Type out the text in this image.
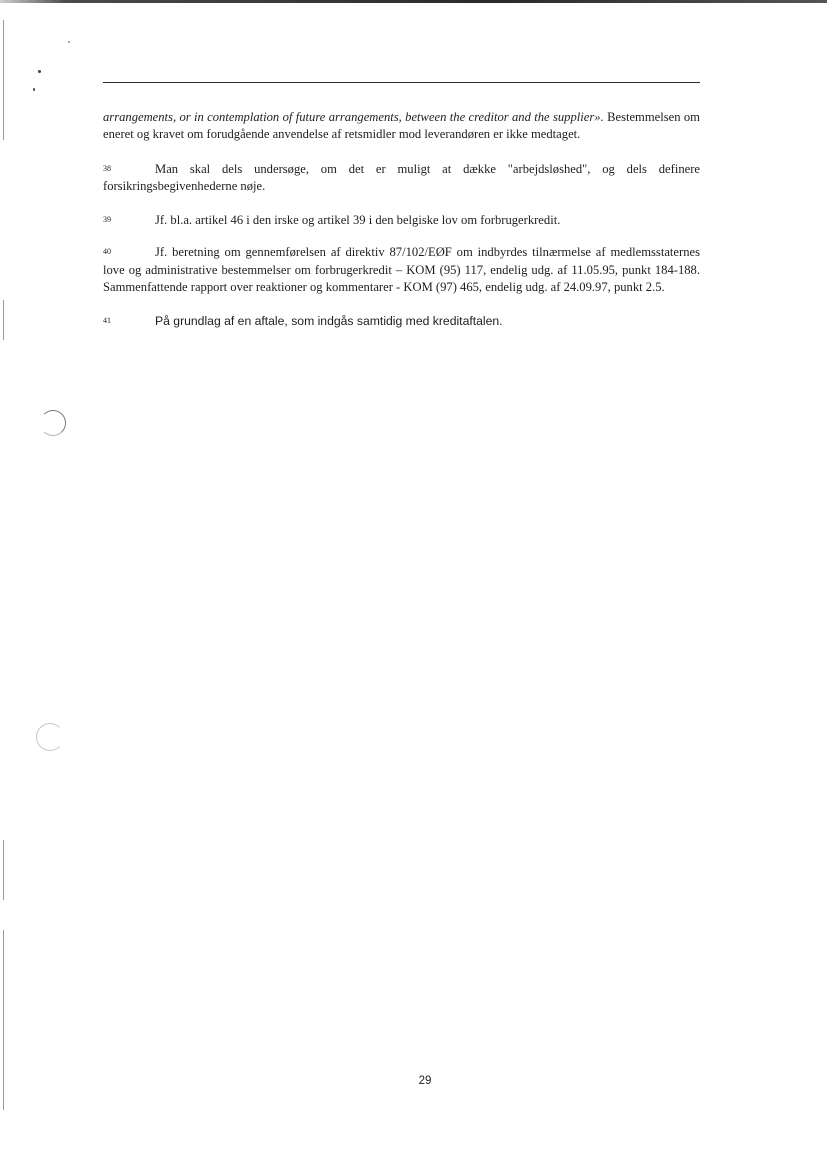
arrangements, or in contemplation of future arrangements, between the creditor and the supplier». Bestemmelsen om eneret og kravet om forudgående anvendelse af retsmidler mod leverandøren er ikke medtaget.

38	Man skal dels undersøge, om det er muligt at dække "arbejdsløshed", og dels definere forsikringsbegivenhederne nøje.

39	Jf. bl.a. artikel 46 i den irske og artikel 39 i den belgiske lov om forbrugerkredit.

40	Jf. beretning om gennemførelsen af direktiv 87/102/EØF om indbyrdes tilnærmelse af medlemsstaternes love og administrative bestemmelser om forbrugerkredit – KOM (95) 117, endelig udg. af 11.05.95, punkt 184-188. Sammenfattende rapport over reaktioner og kommentarer - KOM (97) 465, endelig udg. af 24.09.97, punkt 2.5.

41	På grundlag af en aftale, som indgås samtidig med kreditaftalen.

29
